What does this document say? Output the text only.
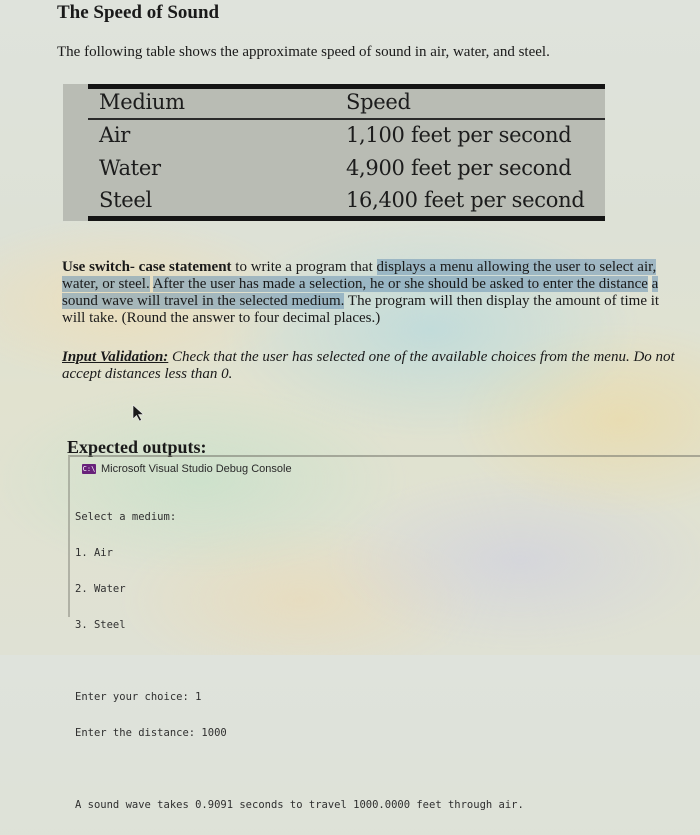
The Speed of Sound
The following table shows the approximate speed of sound in air, water, and steel.
Medium	Speed
Air	1,100 feet per second
Water	4,900 feet per second
Steel	16,400 feet per second
Use switch- case statement to write a program that displays a menu allowing the user to select air, water, or steel. After the user has made a selection, he or she should be asked to enter the distance a sound wave will travel in the selected medium. The program will then display the amount of time it will take. (Round the answer to four decimal places.)
Input Validation: Check that the user has selected one of the available choices from the menu. Do not accept distances less than 0.
Expected outputs:
C:\ Microsoft Visual Studio Debug Console

Select a medium:

1. Air

2. Water

3. Steel

Enter your choice: 1

Enter the distance: 1000

A sound wave takes 0.9091 seconds to travel 1000.0000 feet through air.
